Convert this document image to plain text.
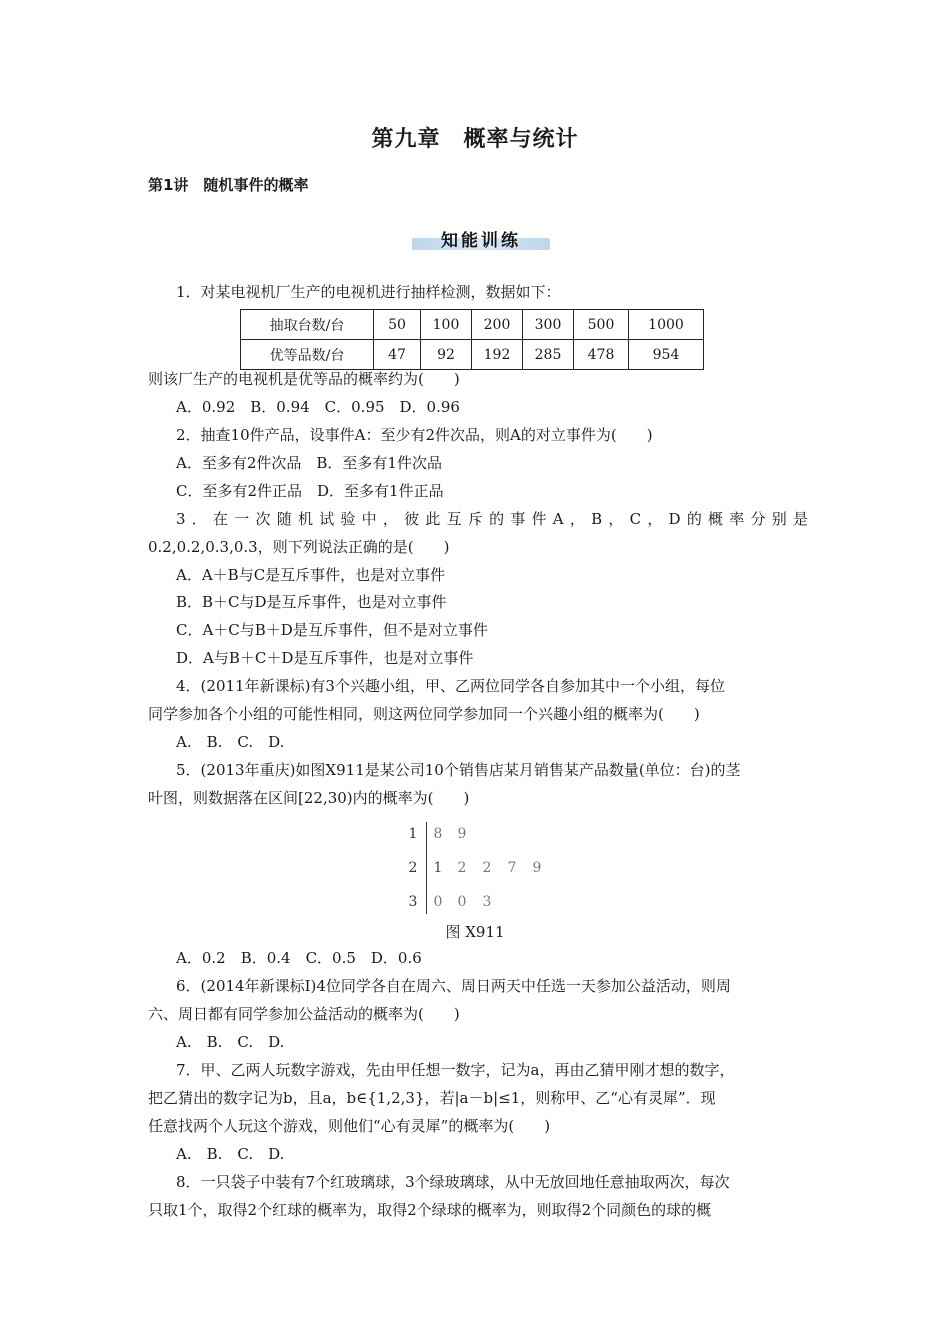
第九章　概率与统计
第1讲　随机事件的概率
知能训练
1．对某电视机厂生产的电视机进行抽样检测，数据如下：
抽取台数/台	50	100	200	300	500	1000
优等品数/台	47	92	192	285	478	954
则该厂生产的电视机是优等品的概率约为(　　)
A．0.92　B．0.94　C．0.95　D．0.96
2．抽查10件产品，设事件A：至少有2件次品，则A的对立事件为(　　)
A．至多有2件次品　B．至多有1件次品
C．至多有2件正品　D．至多有1件正品
3．在一次随机试验中，彼此互斥的事件A，B，C，D的概率分别是
0.2,0.2,0.3,0.3，则下列说法正确的是(　　)
A．A＋B与C是互斥事件，也是对立事件
B．B＋C与D是互斥事件，也是对立事件
C．A＋C与B＋D是互斥事件，但不是对立事件
D．A与B＋C＋D是互斥事件，也是对立事件
4．(2011年新课标)有3个兴趣小组，甲、乙两位同学各自参加其中一个小组，每位
同学参加各个小组的可能性相同，则这两位同学参加同一个兴趣小组的概率为(　　)
A.　B.　C.　D.
5．(2013年重庆)如图X911是某公司10个销售店某月销售某产品数量(单位：台)的茎
叶图，则数据落在区间[22,30)内的概率为(　　)
1 8 9
2 1 2 2 7 9
3 0 0 3
图 X911
A．0.2　B．0.4　C．0.5　D．0.6
6．(2014年新课标Ⅰ)4位同学各自在周六、周日两天中任选一天参加公益活动，则周
六、周日都有同学参加公益活动的概率为(　　)
A.　B.　C.　D.
7．甲、乙两人玩数字游戏，先由甲任想一数字，记为a，再由乙猜甲刚才想的数字，
把乙猜出的数字记为b，且a，b∈{1,2,3}，若|a－b|≤1，则称甲、乙“心有灵犀”．现
任意找两个人玩这个游戏，则他们“心有灵犀”的概率为(　　)
A.　B.　C.　D.
8．一只袋子中装有7个红玻璃球，3个绿玻璃球，从中无放回地任意抽取两次，每次
只取1个，取得2个红球的概率为，取得2个绿球的概率为，则取得2个同颜色的球的概
